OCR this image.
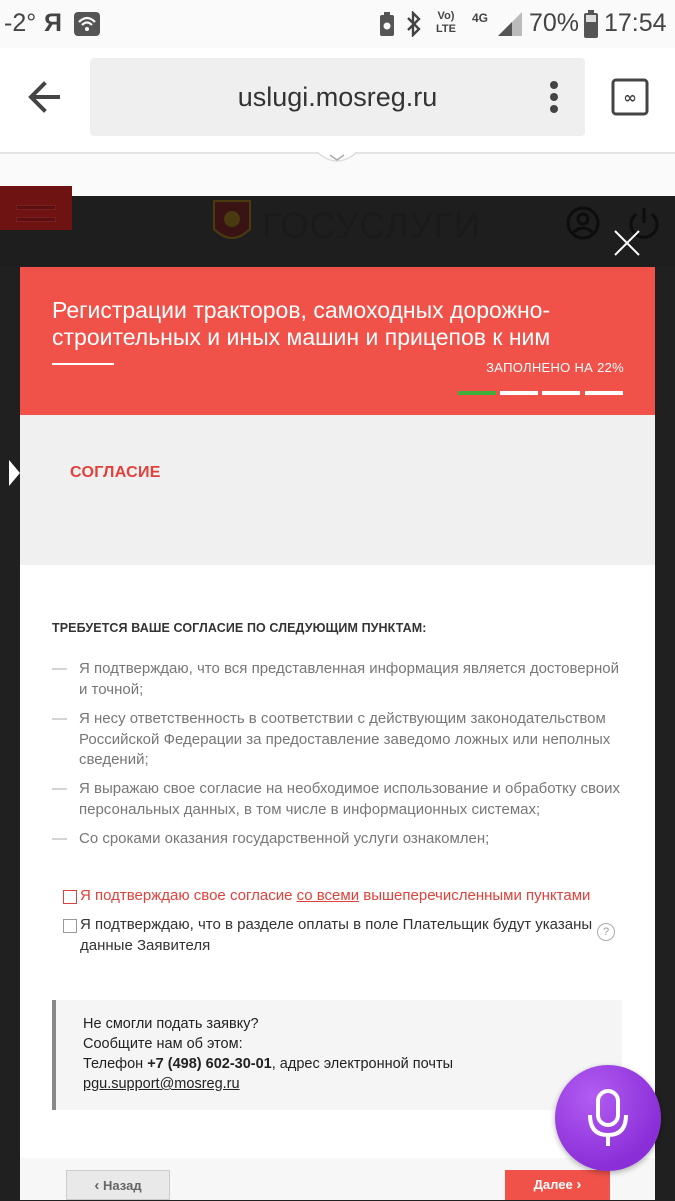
-2° Я	Vo) LTE
4G 70% 17:54
uslugi.mosreg.ru	∞
ГОСУСЛУГИ
Регистрации тракторов, самоходных дорожно-строительных и иных машин и прицепов к ним
ЗАПОЛНЕНО НА 22%
СОГЛАСИЕ
ТРЕБУЕТСЯ ВАШЕ СОГЛАСИЕ ПО СЛЕДУЮЩИМ ПУНКТАМ:
— Я подтверждаю, что вся представленная информация является достоверной и точной;
— Я несу ответственность в соответствии с действующим законодательством Российской Федерации за предоставление заведомо ложных или неполных сведений;
— Я выражаю свое согласие на необходимое использование и обработку своих персональных данных, в том числе в информационных системах;
— Со сроками оказания государственной услуги ознакомлен;
Я подтверждаю свое согласие со всеми вышеперечисленными пунктами
Я подтверждаю, что в разделе оплаты в поле Плательщик будут указаны данные Заявителя
?
Не смогли подать заявку?
Сообщите нам об этом:
Телефон +7 (498) 602-30-01, адрес электронной почты
pgu.support@mosreg.ru
‹ Назад	Далее ›
